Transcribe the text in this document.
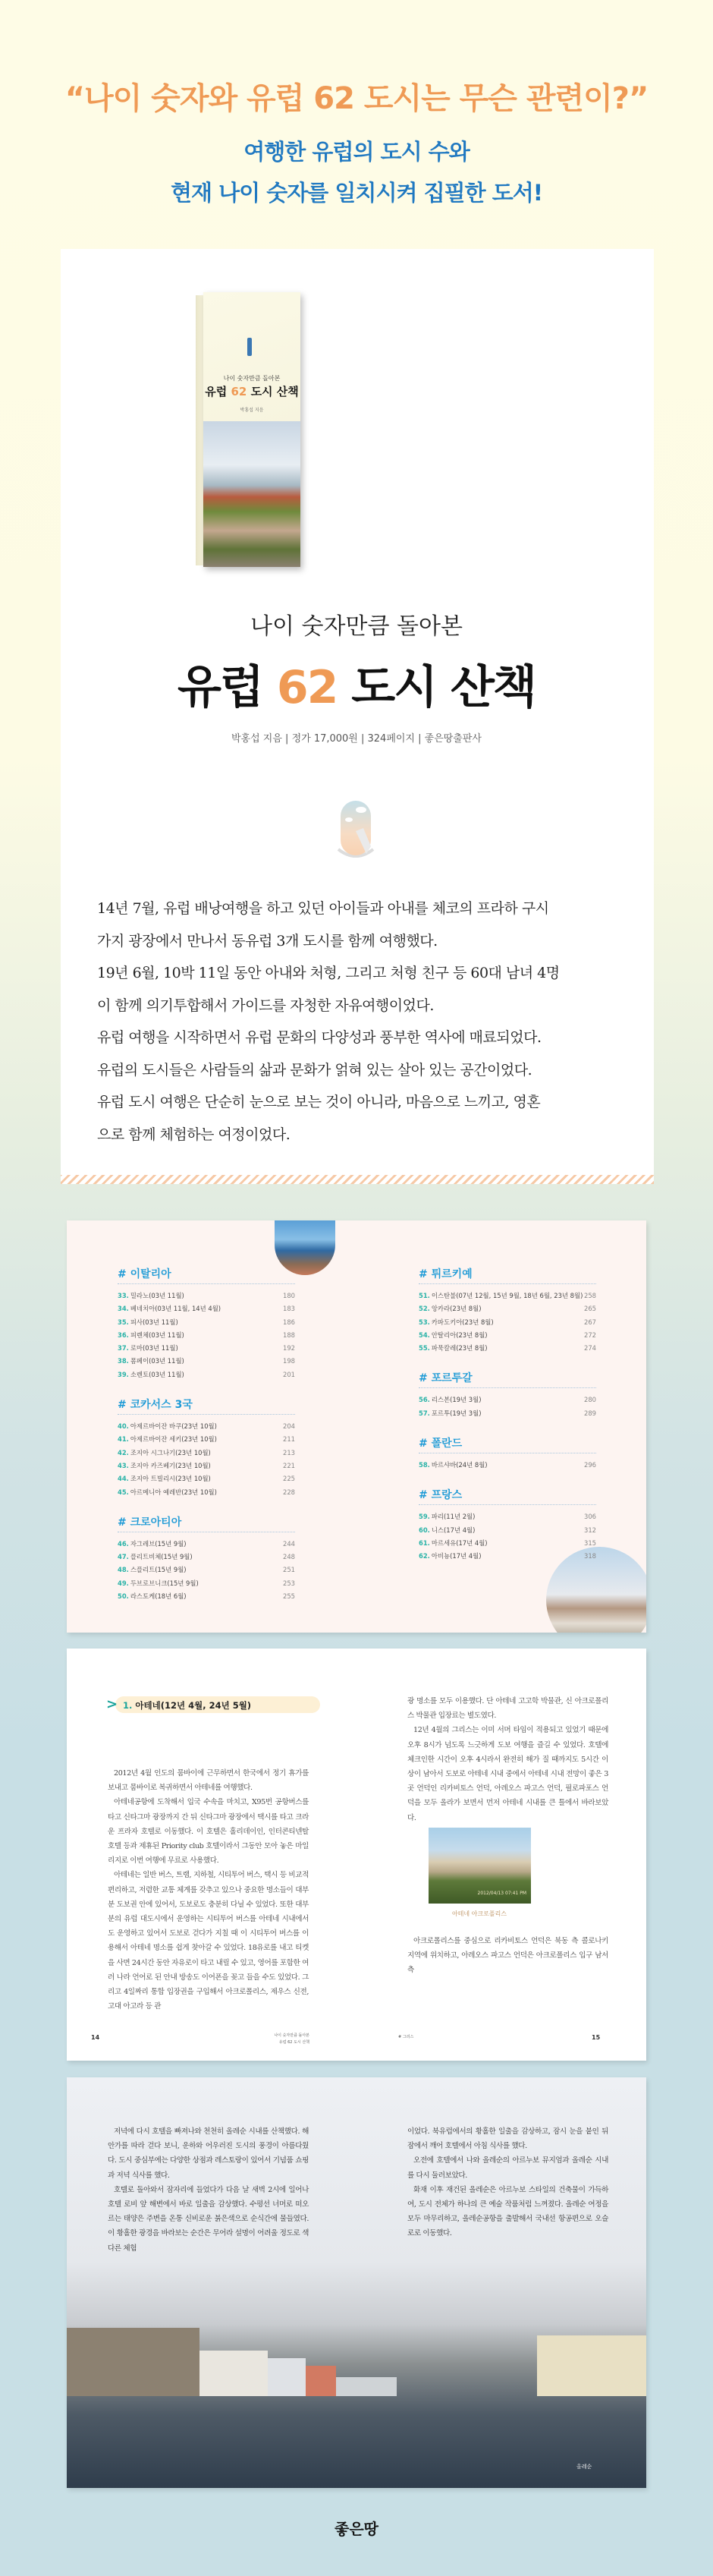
“나이 숫자와 유럽 62 도시는 무슨 관련이?”
여행한 유럽의 도시 수와
현재 나이 숫자를 일치시켜 집필한 도서!
나이 숫자만큼 돌아본
유럽 62 도시 산책
박홍섭 지음
나이 숫자만큼 돌아본
유럽 62 도시 산책
박홍섭 지음 | 정가 17,000원 | 324페이지 | 좋은땅출판사
14년 7월, 유럽 배낭여행을 하고 있던 아이들과 아내를 체코의 프라하 구시
가지 광장에서 만나서 동유럽 3개 도시를 함께 여행했다.
19년 6월, 10박 11일 동안 아내와 처형, 그리고 처형 친구 등 60대 남녀 4명
이 함께 의기투합해서 가이드를 자청한 자유여행이었다.
유럽 여행을 시작하면서 유럽 문화의 다양성과 풍부한 역사에 매료되었다.
유럽의 도시들은 사람들의 삶과 문화가 얽혀 있는 살아 있는 공간이었다.
유럽 도시 여행은 단순히 눈으로 보는 것이 아니라, 마음으로 느끼고, 영혼
으로 함께 체험하는 여정이었다.
# 이탈리아
33. 밀라노(03년 11월)	180
34. 베네치아(03년 11월, 14년 4월)	183
35. 피사(03년 11월)	186
36. 피렌체(03년 11월)	188
37. 로마(03년 11월)	192
38. 폼페이(03년 11월)	198
39. 소렌토(03년 11월)	201
# 코카서스 3국
40. 아제르바이잔 바쿠(23년 10월)	204
41. 아제르바이잔 세키(23년 10월)	211
42. 조지아 시그나기(23년 10월)	213
43. 조지아 카즈베기(23년 10월)	221
44. 조지아 트빌리시(23년 10월)	225
45. 아르메니아 예레반(23년 10월)	228
# 크로아티아
46. 자그레브(15년 9월)	244
47. 플리트비체(15년 9월)	248
48. 스플리트(15년 9월)	251
49. 두브로브니크(15년 9월)	253
50. 라스토케(18년 6월)	255
# 튀르키예
51. 이스탄불(07년 12월, 15년 9월, 18년 6월, 23년 8월) 258
52. 앙카라(23년 8월)	265
53. 카파도키아(23년 8월)	267
54. 안탈리아(23년 8월)	272
55. 파묵칼레(23년 8월)	274
# 포르투갈
56. 리스본(19년 3월)	280
57. 포르투(19년 3월)	289
# 폴란드
58. 바르샤바(24년 8월)	296
# 프랑스
59. 파리(11년 2월)	306
60. 니스(17년 4월)	312
61. 마르세유(17년 4월)	315
62. 아비뇽(17년 4월)	318
> 1. 아테네(12년 4월, 24년 5월)

2012년 4월 인도의 뭄바이에 근무하면서 한국에서 정기 휴가를 보내고 뭄바이로 복귀하면서 아테네를 여행했다.

아테네공항에 도착해서 입국 수속을 마치고, X95번 공항버스를 타고 신타그마 광장까지 간 뒤 신타그마 광장에서 택시를 타고 크라운 프라자 호텔로 이동했다. 이 호텔은 홀리데이인, 인터콘티넨탈 호텔 등과 제휴된 Priority club 호텔이라서 그동안 모아 놓은 마일리지로 이번 여행에 무료로 사용했다.

아테네는 일반 버스, 트램, 지하철, 시티투어 버스, 택시 등 비교적 편리하고, 저렴한 교통 체계를 갖추고 있으나 중요한 명소들이 대부분 도보권 안에 있어서, 도보로도 충분히 다닐 수 있었다. 또한 대부분의 유럽 대도시에서 운영하는 시티투어 버스를 아테네 시내에서도 운영하고 있어서 도보로 걷다가 지칠 때 이 시티투어 버스를 이용해서 아테네 명소를 쉽게 찾아갈 수 있었다. 18유로를 내고 티켓을 사면 24시간 동안 자유로이 타고 내릴 수 있고, 영어를 포함한 여러 나라 언어로 된 안내 방송도 이어폰을 꽂고 들을 수도 있었다. 그리고 4일짜리 통합 입장권을 구입해서 아크로폴리스, 제우스 신전, 고대 아고라 등 관

광 명소를 모두 이용했다. 단 아테네 고고학 박물관, 신 아크로폴리스 박물관 입장료는 별도였다.

12년 4월의 그리스는 이미 서머 타임이 적용되고 있었기 때문에 오후 8시가 넘도록 느긋하게 도보 여행을 즐길 수 있었다. 호텔에 체크인한 시간이 오후 4시라서 완전히 해가 질 때까지도 5시간 이상이 남아서 도보로 아테네 시내 중에서 아테네 시내 전망이 좋은 3곳 언덕인 리카비토스 언덕, 아레오스 파고스 언덕, 필로파포스 언덕을 모두 올라가 보면서 먼저 아테네 시내를 큰 틀에서 바라보았다.

2012/04/13 07:41 PM
아테네 아크로폴리스

아크로폴리스를 중심으로 리카비토스 언덕은 북동 측 콜로나키 지역에 위치하고, 아레오스 파고스 언덕은 아크로폴리스 입구 남서 측

14	나이 숫자만큼 돌아본
유럽 62 도시 산책
# 그리스	15

저녁에 다시 호텔을 빠져나와 천천히 올레순 시내를 산책했다. 해안가를 따라 걷다 보니, 운하와 어우러진 도시의 풍경이 아름다웠다. 도시 중심부에는 다양한 상점과 레스토랑이 있어서 기념품 쇼핑과 저녁 식사를 했다.

호텔로 돌아와서 잠자리에 들었다가 다음 날 새벽 2시에 일어나 호텔 로비 앞 해변에서 바로 일출을 감상했다. 수평선 너머로 떠오르는 태양은 주변을 온통 신비로운 붉은색으로 순식간에 물들였다. 이 황홀한 광경을 바라보는 순간은 무어라 설명이 어려울 정도로 색다른 체험

이었다. 북유럽에서의 황홀한 일출을 감상하고, 잠시 눈을 붙인 뒤 잠에서 깨어 호텔에서 아침 식사를 했다.

오전에 호텔에서 나와 올레순의 아르누보 뮤지엄과 올레순 시내를 다시 둘러보았다.

화재 이후 재건된 올레순은 아르누보 스타일의 건축물이 가득하여, 도시 전체가 하나의 큰 예술 작품처럼 느껴졌다. 올레순 여정을 모두 마무리하고, 올레순공항을 출발해서 국내선 항공편으로 오슬로로 이동했다.

올레순
좋은땅
